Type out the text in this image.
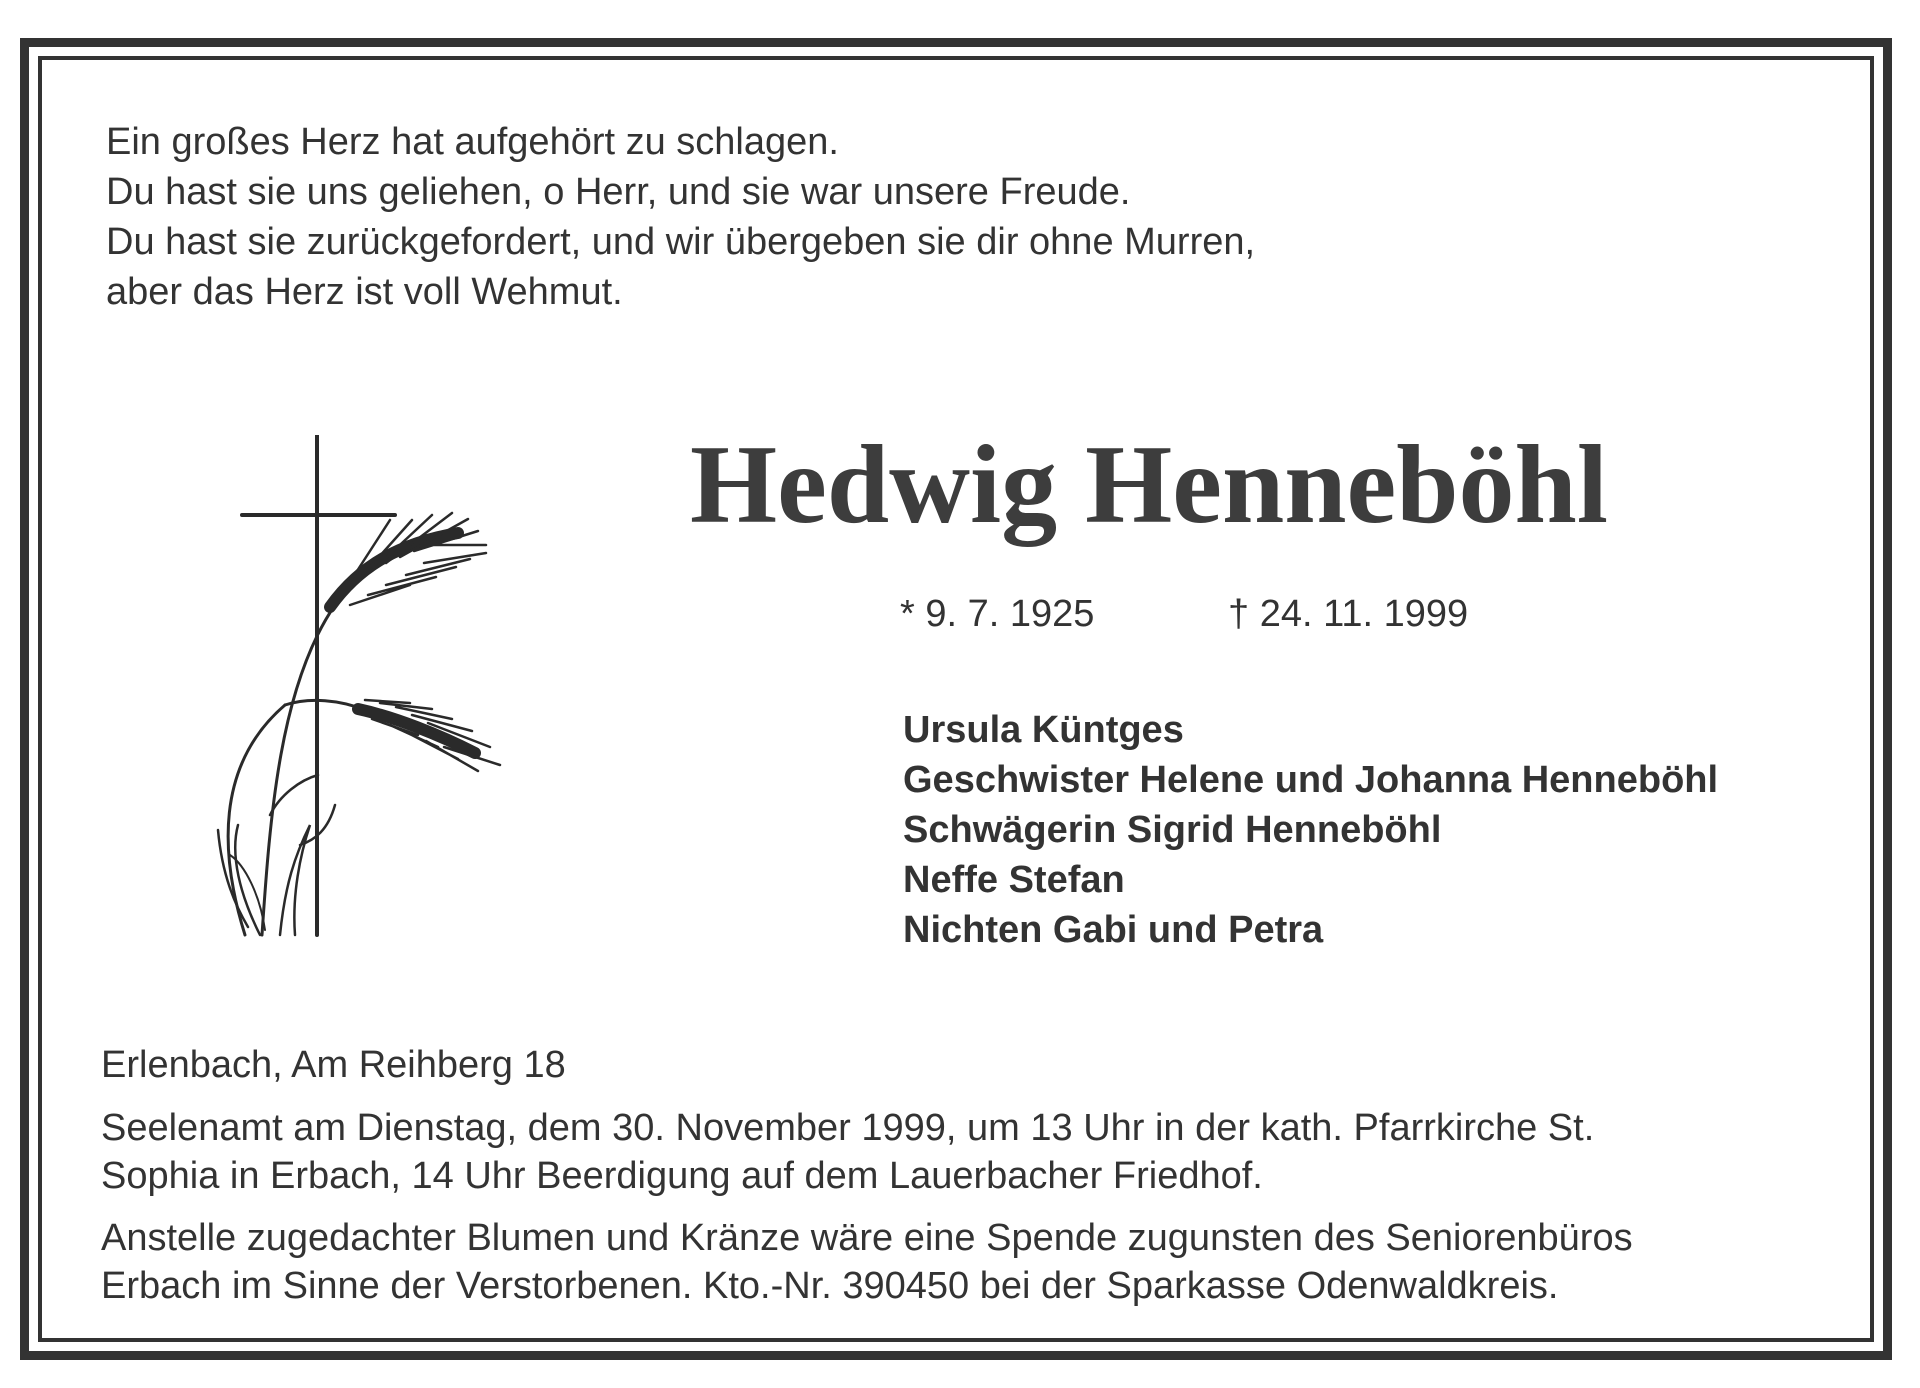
Ein großes Herz hat aufgehört zu schlagen.
Du hast sie uns geliehen, o Herr, und sie war unsere Freude.
Du hast sie zurückgefordert, und wir übergeben sie dir ohne Murren,
aber das Herz ist voll Wehmut.
Hedwig Henneböhl
* 9. 7. 1925	† 24. 11. 1999
Ursula Küntges
Geschwister Helene und Johanna Henneböhl
Schwägerin Sigrid Henneböhl
Neffe Stefan
Nichten Gabi und Petra
Erlenbach, Am Reihberg 18
Seelenamt am Dienstag, dem 30. November 1999, um 13 Uhr in der kath. Pfarrkirche St.
Sophia in Erbach, 14 Uhr Beerdigung auf dem Lauerbacher Friedhof.
Anstelle zugedachter Blumen und Kränze wäre eine Spende zugunsten des Seniorenbüros
Erbach im Sinne der Verstorbenen. Kto.-Nr. 390450 bei der Sparkasse Odenwaldkreis.
